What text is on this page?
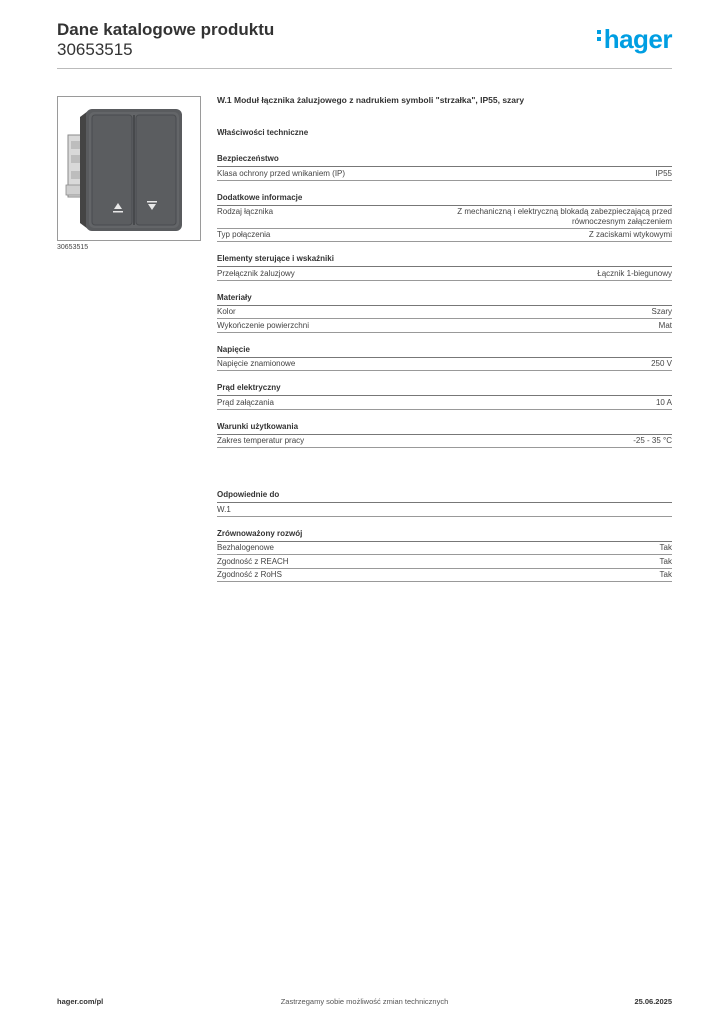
Dane katalogowe produktu
30653515	hager
30653515
W.1 Moduł łącznika żaluzjowego z nadrukiem symboli "strzałka", IP55, szary
Właściwości techniczne
Bezpieczeństwo
Klasa ochrony przed wnikaniem (IP)	IP55
Dodatkowe informacje
Rodzaj łącznika	Z mechaniczną i elektryczną blokadą zabezpieczającą przed
równoczesnym załączeniem
Typ połączenia	Z zaciskami wtykowymi
Elementy sterujące i wskaźniki
Przełącznik żaluzjowy	Łącznik 1-biegunowy
Materiały
Kolor	Szary
Wykończenie powierzchni	Mat
Napięcie
Napięcie znamionowe	250 V
Prąd elektryczny
Prąd załączania	10 A
Warunki użytkowania
Zakres temperatur pracy	-25 - 35 °C
Odpowiednie do
W.1
Zrównoważony rozwój
Bezhalogenowe	Tak
Zgodność z REACH	Tak
Zgodność z RoHS	Tak
hager.com/pl	Zastrzegamy sobie możliwość zmian technicznych	25.06.2025
